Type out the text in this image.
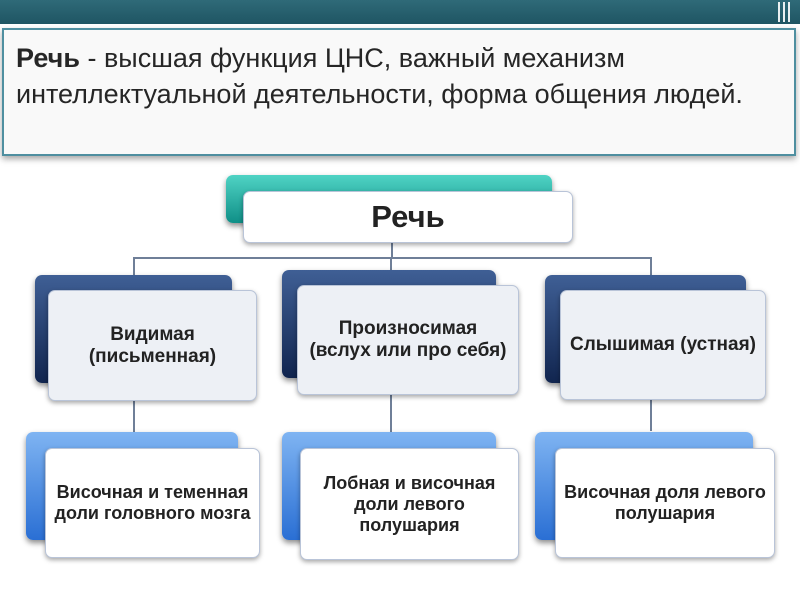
Речь - высшая функция ЦНС, важный механизм интеллектуальной деятельности, форма общения людей.
Речь
Видимая (письменная)
Произносимая (вслух или про себя)	Слышимая (устная)
Височная и теменная доли головного мозга
Лобная и височная доли левого полушария
Височная доля левого полушария
